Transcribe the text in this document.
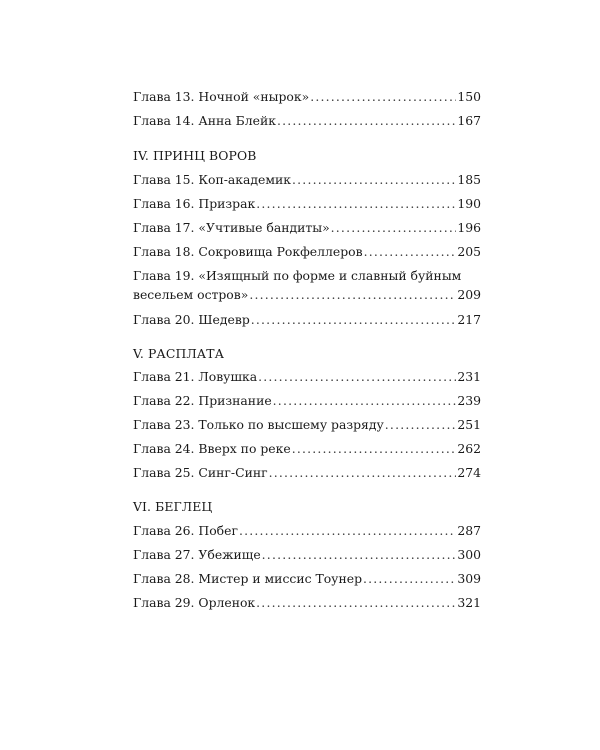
Глава 13. Ночной «нырок» .....	150
Глава 14. Анна Блейк .....	167
IV. ПРИНЦ ВОРОВ
Глава 15. Коп-академик .....	185
Глава 16. Призрак .....	190
Глава 17. «Учтивые бандиты» .....	196
Глава 18. Сокровища Рокфеллеров .....	205
Глава 19. «Изящный по форме и славный буйным
весельем остров» .....	209
Глава 20. Шедевр .....	217
V. РАСПЛАТА
Глава 21. Ловушка .....	231
Глава 22. Признание .....	239
Глава 23. Только по высшему разряду .....	251
Глава 24. Вверх по реке .....	262
Глава 25. Синг-Синг .....	274
VI. БЕГЛЕЦ
Глава 26. Побег .....	287
Глава 27. Убежище .....	300
Глава 28. Мистер и миссис Тоунер .....	309
Глава 29. Орленок .....	321
